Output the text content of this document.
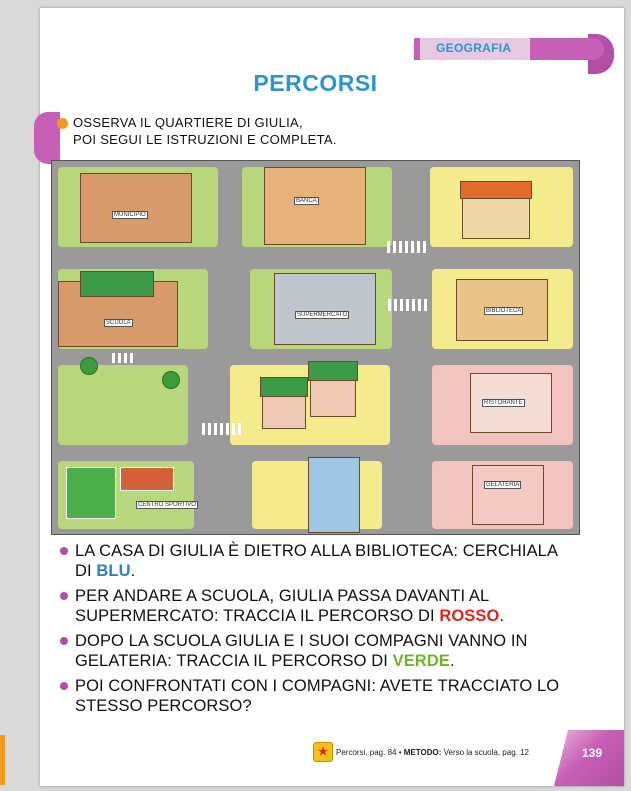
GEOGRAFIA
PERCORSI
OSSERVA IL QUARTIERE DI GIULIA,
POI SEGUI LE ISTRUZIONI E COMPLETA.
MUNICIPIO
BANCA
SCUOLA
SUPERMERCATO
BIBLIOTECA
RISTORANTE
CENTRO SPORTIVO
GELATERIA
LA CASA DI GIULIA È DIETRO ALLA BIBLIOTECA: CERCHIALA DI BLU.
PER ANDARE A SCUOLA, GIULIA PASSA DAVANTI AL SUPERMERCATO: TRACCIA IL PERCORSO DI ROSSO.
DOPO LA SCUOLA GIULIA E I SUOI COMPAGNI VANNO IN GELATERIA: TRACCIA IL PERCORSO DI VERDE.
POI CONFRONTATI CON I COMPAGNI: AVETE TRACCIATO LO STESSO PERCORSO?
★	Percorsi, pag. 84 • METODO: Verso la scuola, pag. 12	139
